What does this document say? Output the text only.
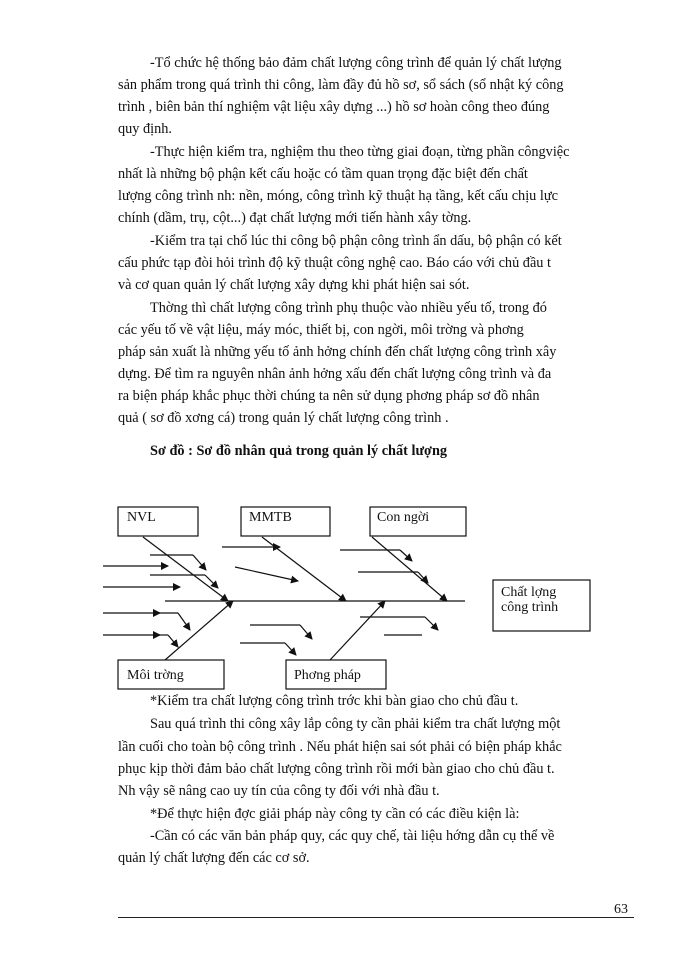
-Tổ chức hệ thống bảo đảm chất lượng công trình để quản lý chất lượng
sản phẩm trong quá trình thi công, làm đầy đủ hồ sơ, sổ sách (sổ nhật ký công
trình , biên bản thí nghiệm vật liệu xây dựng ...) hồ sơ hoàn công theo đúng
quy định.
-Thực hiện kiểm tra, nghiệm thu theo từng giai đoạn, từng phần côngviệc
nhất là những bộ phận kết cấu hoặc có tầm quan trọng đặc biệt đến chất
lượng công trình nh: nền, móng, công trình kỹ thuật hạ tầng, kết cấu chịu lực
chính (dầm, trụ, cột...) đạt chất lượng mới tiến hành xây tờng.
-Kiểm tra tại chổ lúc thi công bộ phận công trình ẩn dấu, bộ phận có kết
cấu phức tạp đòi hỏi trình độ kỹ thuật công nghệ cao. Báo cáo với chủ đầu t
và cơ quan quản lý chất lượng xây dựng khi phát hiện sai sót.
Thờng thì chất lượng công trình phụ thuộc vào nhiều yếu tố, trong đó
các yếu tố về vật liệu, máy móc, thiết bị, con ngời, môi trờng và phơng
pháp sản xuất là những yếu tố ảnh hởng chính đến chất lượng công trình xây
dựng. Để tìm ra nguyên nhân ảnh hởng xấu đến chất lượng công trình và đa
ra biện pháp khắc phục thời chúng ta nên sử dụng phơng pháp sơ đồ nhân
quả ( sơ đồ xơng cá) trong quản lý chất lượng công trình .
Sơ đồ : Sơ đồ nhân quả trong quản lý chất lượng
NVL	MMTB	Con ngời
Chất lợng
công trình
Môi trờng	Phơng pháp
*Kiểm tra chất lượng công trình trớc khi bàn giao cho chủ đầu t.
Sau quá trình thi công xây lắp công ty cần phải kiểm tra chất lượng một
lần cuối cho toàn bộ công trình . Nếu phát hiện sai sót phải có biện pháp khắc
phục kịp thời đảm bảo chất lượng công trình rồi mới bàn giao cho chủ đầu t.
Nh vậy sẽ nâng cao uy tín của công ty đối với nhà đầu t.
*Để thực hiện đợc giải pháp này công ty cần có các điều kiện là:
-Cần có các văn bản pháp quy, các quy chế, tài liệu hớng dẫn cụ thể về
quản lý chất lượng đến các cơ sở.
63
